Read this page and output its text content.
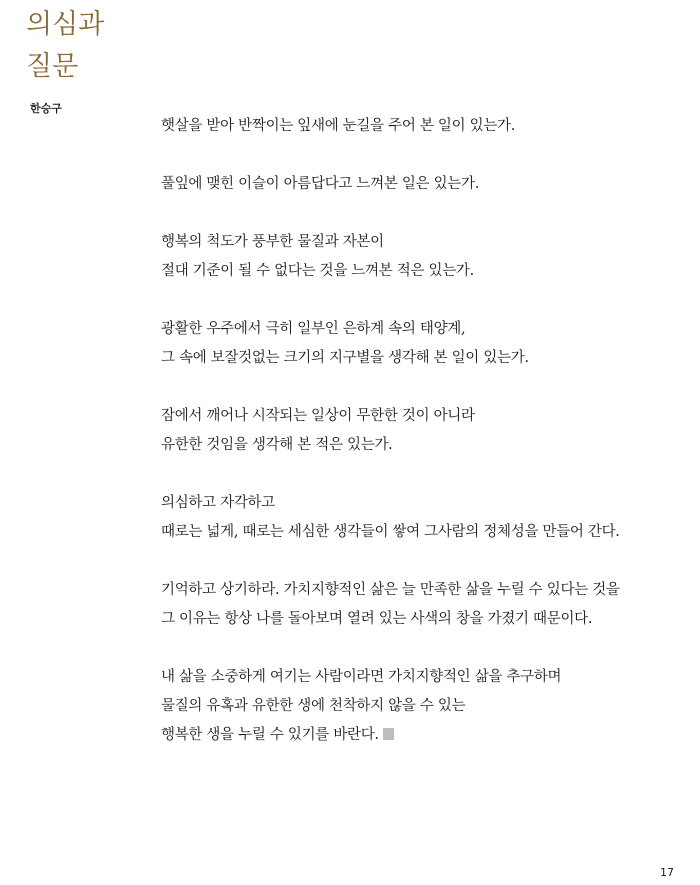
의심과
질문
한승구

햇살을 받아 반짝이는 잎새에 눈길을 주어 본 일이 있는가.

풀잎에 맺힌 이슬이 아름답다고 느껴본 일은 있는가.

행복의 척도가 풍부한 물질과 자본이
절대 기준이 될 수 없다는 것을 느껴본 적은 있는가.

광활한 우주에서 극히 일부인 은하계 속의 태양계,
그 속에 보잘것없는 크기의 지구별을 생각해 본 일이 있는가.

잠에서 깨어나 시작되는 일상이 무한한 것이 아니라
유한한 것임을 생각해 본 적은 있는가.

의심하고 자각하고
때로는 넓게, 때로는 세심한 생각들이 쌓여 그사람의 정체성을 만들어 간다.

기억하고 상기하라. 가치지향적인 삶은 늘 만족한 삶을 누릴 수 있다는 것을
그 이유는 항상 나를 돌아보며 열려 있는 사색의 창을 가졌기 때문이다.

내 삶을 소중하게 여기는 사람이라면 가치지향적인 삶을 추구하며
물질의 유혹과 유한한 생에 천착하지 않을 수 있는
행복한 생을 누릴 수 있기를 바란다.

17
